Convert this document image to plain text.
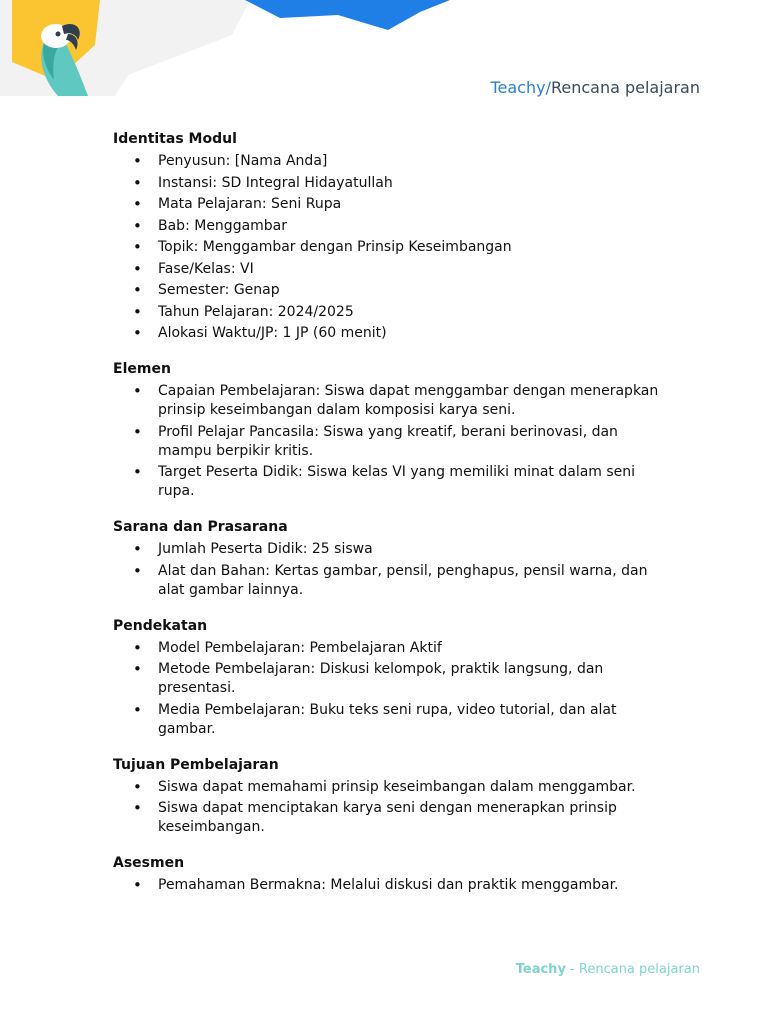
Teachy/Rencana pelajaran
Identitas Modul
• Penyusun: [Nama Anda]
• Instansi: SD Integral Hidayatullah
• Mata Pelajaran: Seni Rupa
• Bab: Menggambar
• Topik: Menggambar dengan Prinsip Keseimbangan
• Fase/Kelas: VI
• Semester: Genap
• Tahun Pelajaran: 2024/2025
• Alokasi Waktu/JP: 1 JP (60 menit)
Elemen
• Capaian Pembelajaran: Siswa dapat menggambar dengan menerapkan prinsip keseimbangan dalam komposisi karya seni.
• Profil Pelajar Pancasila: Siswa yang kreatif, berani berinovasi, dan mampu berpikir kritis.
• Target Peserta Didik: Siswa kelas VI yang memiliki minat dalam seni rupa.
Sarana dan Prasarana
• Jumlah Peserta Didik: 25 siswa
• Alat dan Bahan: Kertas gambar, pensil, penghapus, pensil warna, dan alat gambar lainnya.
Pendekatan
• Model Pembelajaran: Pembelajaran Aktif
• Metode Pembelajaran: Diskusi kelompok, praktik langsung, dan presentasi.
• Media Pembelajaran: Buku teks seni rupa, video tutorial, dan alat gambar.
Tujuan Pembelajaran
• Siswa dapat memahami prinsip keseimbangan dalam menggambar.
• Siswa dapat menciptakan karya seni dengan menerapkan prinsip keseimbangan.
Asesmen
• Pemahaman Bermakna: Melalui diskusi dan praktik menggambar.
Teachy - Rencana pelajaran
